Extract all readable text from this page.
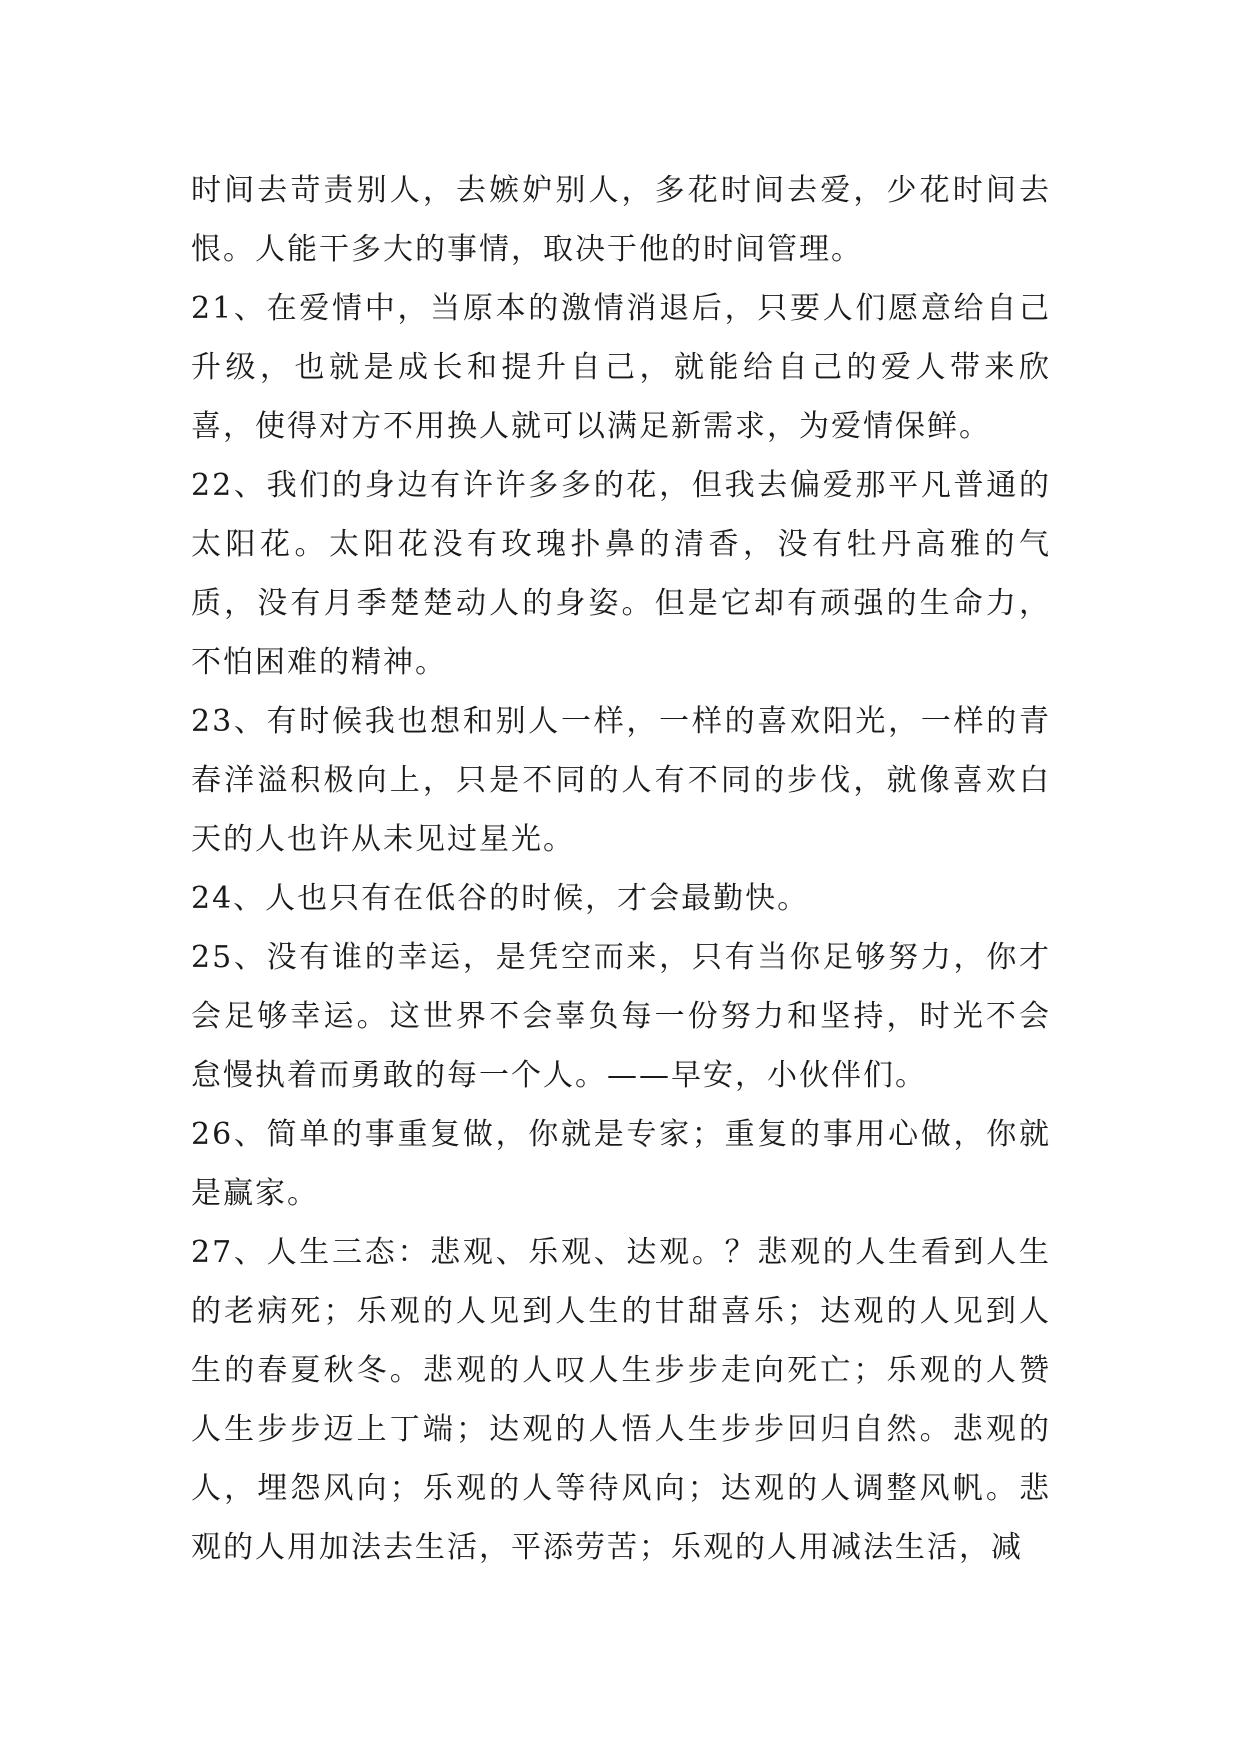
时间去苛责别人，去嫉妒别人，多花时间去爱，少花时间去恨。人能干多大的事情，取决于他的时间管理。

21、在爱情中，当原本的激情消退后，只要人们愿意给自己升级，也就是成长和提升自己，就能给自己的爱人带来欣喜，使得对方不用换人就可以满足新需求，为爱情保鲜。

22、我们的身边有许许多多的花，但我去偏爱那平凡普通的太阳花。太阳花没有玫瑰扑鼻的清香，没有牡丹高雅的气质，没有月季楚楚动人的身姿。但是它却有顽强的生命力，不怕困难的精神。

23、有时候我也想和别人一样，一样的喜欢阳光，一样的青春洋溢积极向上，只是不同的人有不同的步伐，就像喜欢白天的人也许从未见过星光。

24、人也只有在低谷的时候，才会最勤快。

25、没有谁的幸运，是凭空而来，只有当你足够努力，你才会足够幸运。这世界不会辜负每一份努力和坚持，时光不会怠慢执着而勇敢的每一个人。——早安，小伙伴们。

26、简单的事重复做，你就是专家；重复的事用心做，你就是赢家。

27、人生三态：悲观、乐观、达观。？悲观的人生看到人生的老病死；乐观的人见到人生的甘甜喜乐；达观的人见到人生的春夏秋冬。悲观的人叹人生步步走向死亡；乐观的人赞人生步步迈上丁端；达观的人悟人生步步回归自然。悲观的人，埋怨风向；乐观的人等待风向；达观的人调整风帆。悲观的人用加法去生活，平添劳苦；乐观的人用减法生活，减
